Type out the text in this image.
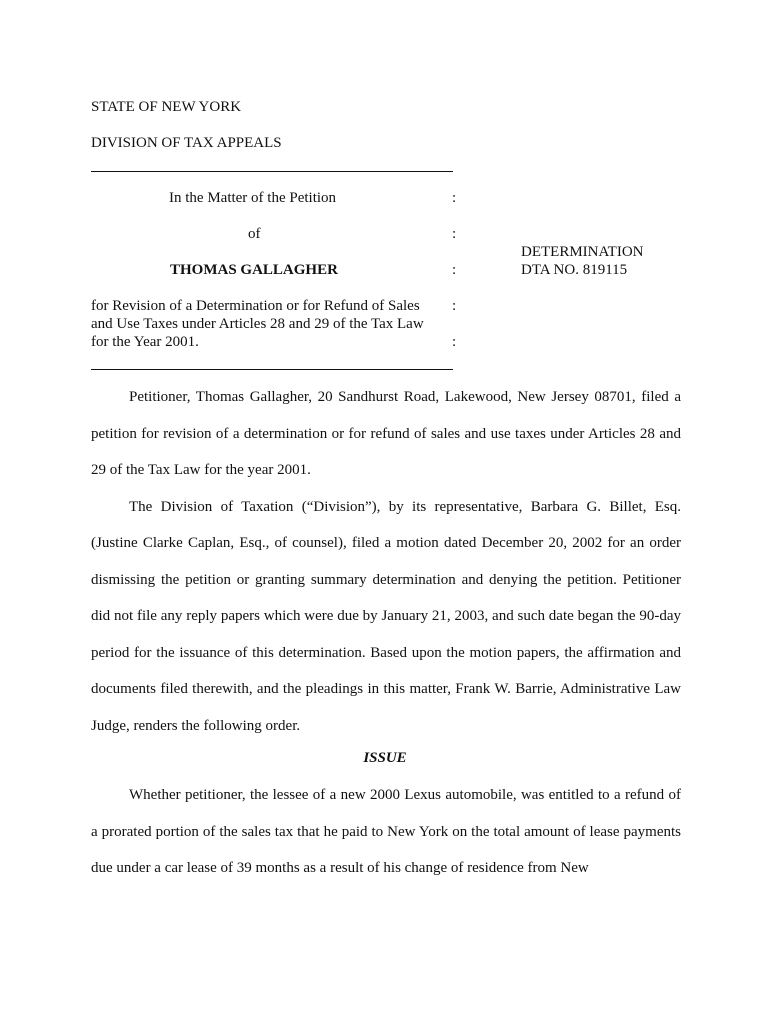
STATE OF NEW YORK
DIVISION OF TAX APPEALS
In the Matter of the Petition	:
of	:
THOMAS GALLAGHER	:
DETERMINATION
DTA NO. 819115
for Revision of a Determination or for Refund of Sales :
and Use Taxes under Articles 28 and 29 of the Tax Law
for the Year 2001.	:

Petitioner, Thomas Gallagher, 20 Sandhurst Road, Lakewood, New Jersey 08701, filed a petition for revision of a determination or for refund of sales and use taxes under Articles 28 and 29 of the Tax Law for the year 2001.

The Division of Taxation (“Division”), by its representative, Barbara G. Billet, Esq. (Justine Clarke Caplan, Esq., of counsel), filed a motion dated December 20, 2002 for an order dismissing the petition or granting summary determination and denying the petition. Petitioner did not file any reply papers which were due by January 21, 2003, and such date began the 90-day period for the issuance of this determination. Based upon the motion papers, the affirmation and documents filed therewith, and the pleadings in this matter, Frank W. Barrie, Administrative Law Judge, renders the following order.

ISSUE

Whether petitioner, the lessee of a new 2000 Lexus automobile, was entitled to a refund of a prorated portion of the sales tax that he paid to New York on the total amount of lease payments due under a car lease of 39 months as a result of his change of residence from New
